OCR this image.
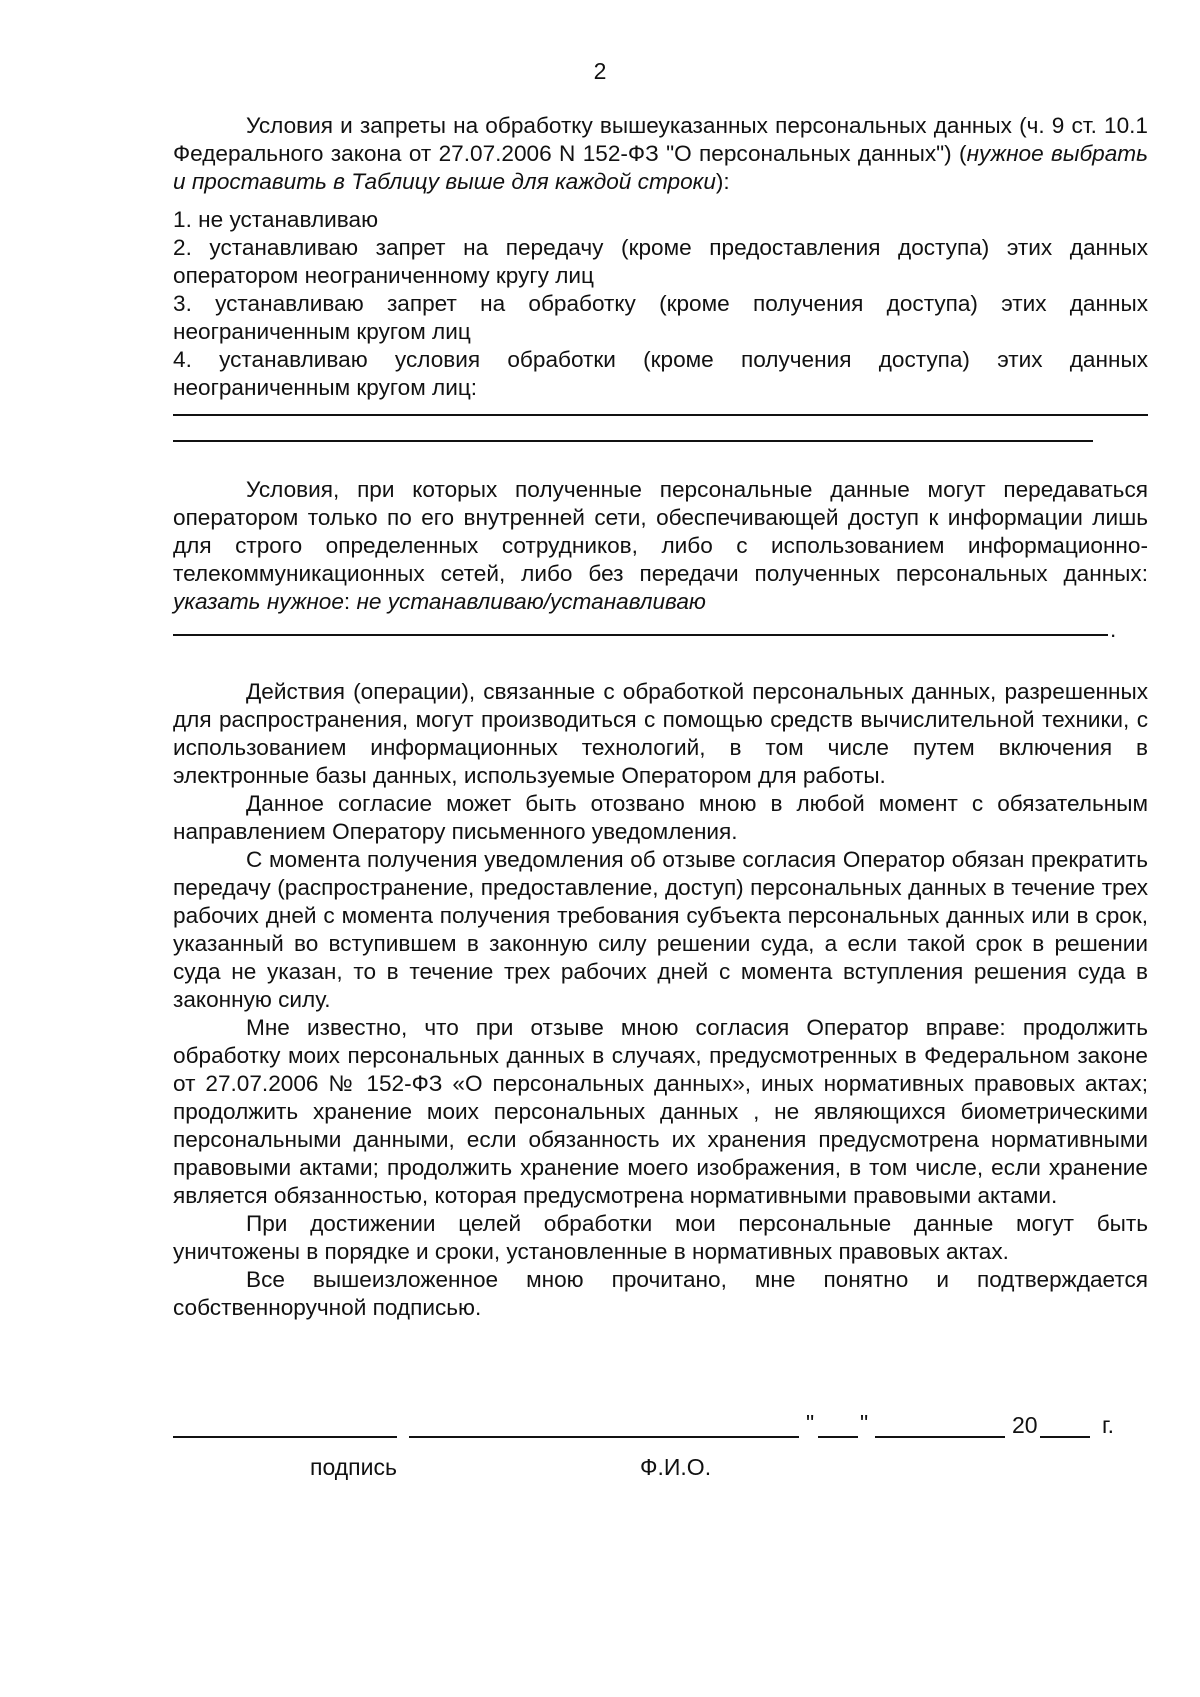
2

Условия и запреты на обработку вышеуказанных персональных данных (ч. 9 ст. 10.1 Федерального закона от 27.07.2006 N 152-ФЗ "О персональных данных") (нужное выбрать и проставить в Таблицу выше для каждой строки):

1. не устанавливаю

2. устанавливаю запрет на передачу (кроме предоставления доступа) этих данных оператором неограниченному кругу лиц

3. устанавливаю запрет на обработку (кроме получения доступа) этих данных неограниченным кругом лиц

4. устанавливаю условия обработки (кроме получения доступа) этих данных неограниченным кругом лиц:

Условия, при которых полученные персональные данные могут передаваться оператором только по его внутренней сети, обеспечивающей доступ к информации лишь для строго определенных сотрудников, либо с использованием информационно-телекоммуникационных сетей, либо без передачи полученных персональных данных: указать нужное: не устанавливаю/устанавливаю

.

Действия (операции), связанные с обработкой персональных данных, разрешенных для распространения, могут производиться с помощью средств вычислительной техники, с использованием информационных технологий, в том числе путем включения в электронные базы данных, используемые Оператором для работы.

Данное согласие может быть отозвано мною в любой момент с обязательным направлением Оператору письменного уведомления.

С момента получения уведомления об отзыве согласия Оператор обязан прекратить передачу (распространение, предоставление, доступ) персональных данных в течение трех рабочих дней с момента получения требования субъекта персональных данных или в срок, указанный во вступившем в законную силу решении суда, а если такой срок в решении суда не указан, то в течение трех рабочих дней с момента вступления решения суда в законную силу.

Мне известно, что при отзыве мною согласия Оператор вправе: продолжить обработку моих персональных данных в случаях, предусмотренных в Федеральном законе от 27.07.2006 № 152-ФЗ «О персональных данных», иных нормативных правовых актах; продолжить хранение моих персональных данных , не являющихся биометрическими персональными данными, если обязанность их хранения предусмотрена нормативными правовыми актами; продолжить хранение моего изображения, в том числе, если хранение является обязанностью, которая предусмотрена нормативными правовыми актами.

При достижении целей обработки мои персональные данные могут быть уничтожены в порядке и сроки, установленные в нормативных правовых актах.

Все вышеизложенное мною прочитано, мне понятно и подтверждается собственноручной подписью.

" "	20	г.
подпись	Ф.И.О.
